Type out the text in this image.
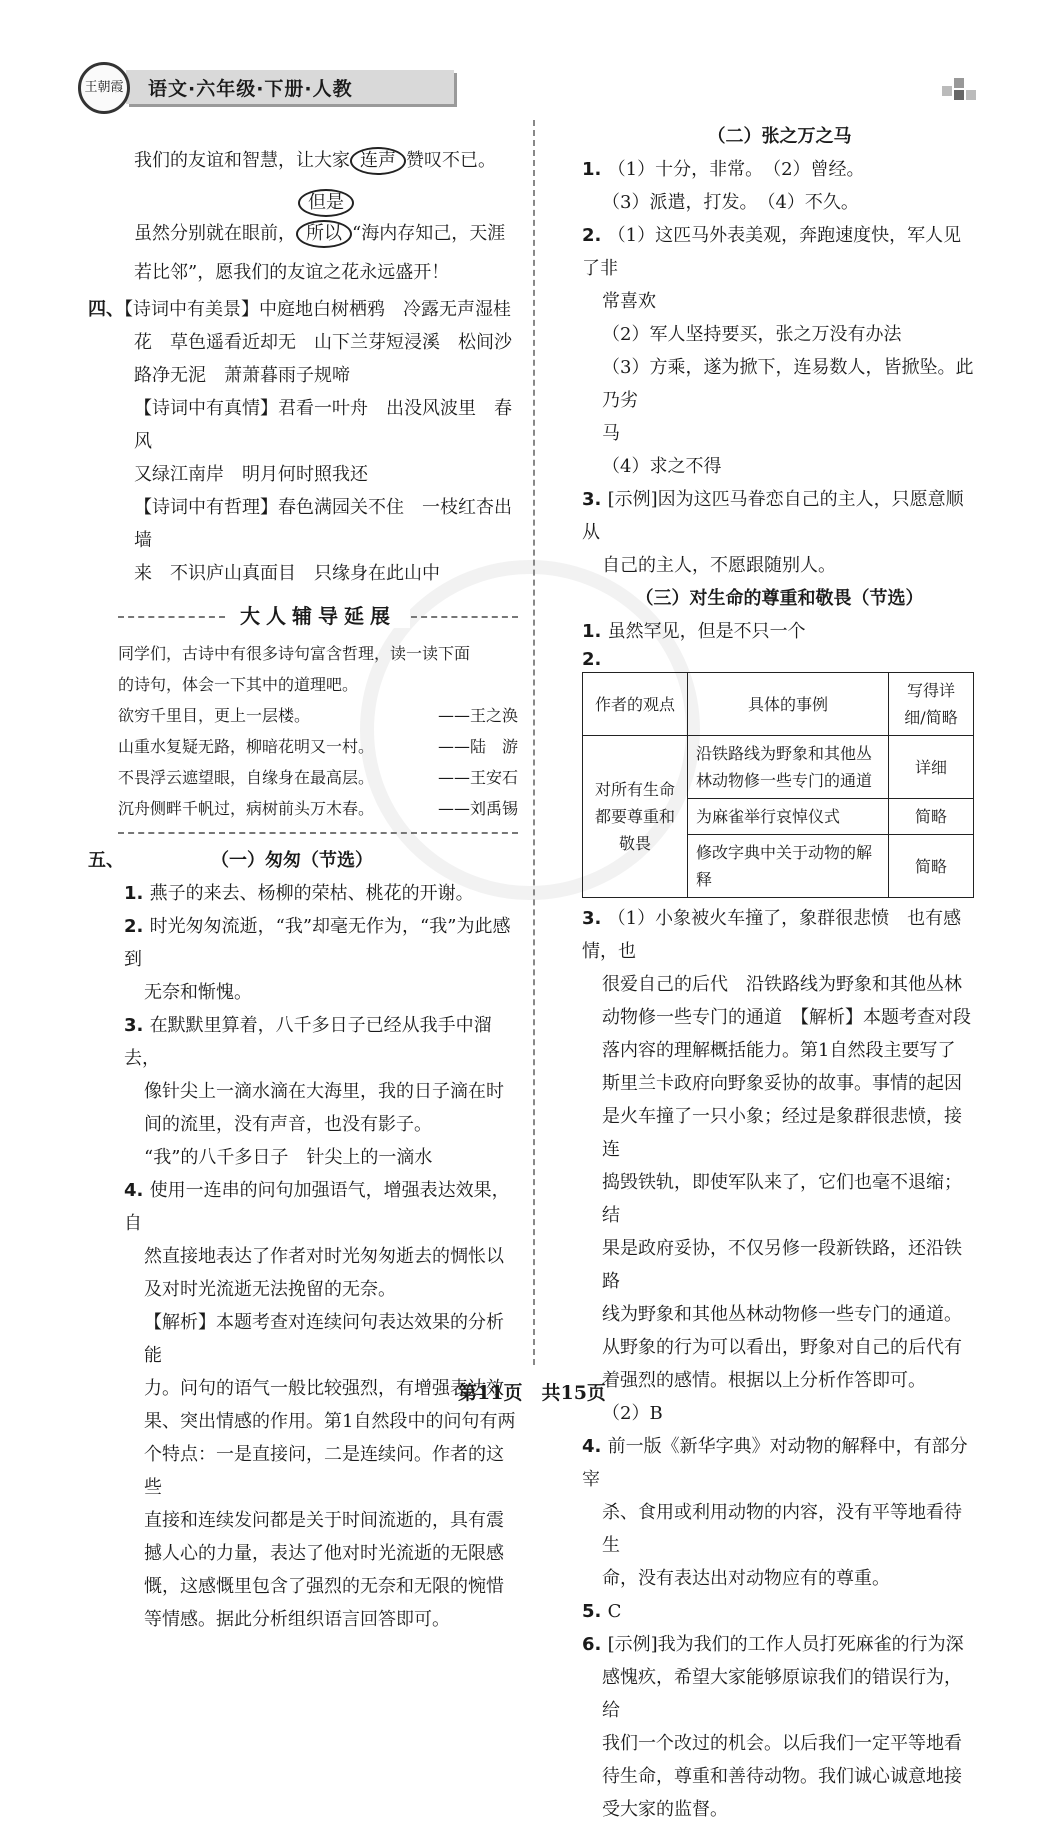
王朝霞	语文·六年级·下册·人教

我们的友谊和智慧，让大家 连声 赞叹不已。

但是

虽然分别就在眼前， 所以 “海内存知己，天涯

若比邻”，愿我们的友谊之花永远盛开！

四、【诗词中有美景】中庭地白树栖鸦　冷露无声湿桂

花　草色遥看近却无　山下兰芽短浸溪　松间沙

路净无泥　萧萧暮雨子规啼

【诗词中有真情】君看一叶舟　出没风波里　春风

又绿江南岸　明月何时照我还

【诗词中有哲理】春色满园关不住　一枝红杏出墙

来　不识庐山真面目　只缘身在此山中

大人辅导延展

同学们，古诗中有很多诗句富含哲理，读一读下面

的诗句，体会一下其中的道理吧。

欲穷千里目，更上一层楼。	——王之涣
山重水复疑无路，柳暗花明又一村。	——陆　游
不畏浮云遮望眼，自缘身在最高层。	——王安石
沉舟侧畔千帆过，病树前头万木春。	——刘禹锡

五、	（一）匆匆（节选）

1. 燕子的来去、杨柳的荣枯、桃花的开谢。

2. 时光匆匆流逝，“我”却毫无作为，“我”为此感到

无奈和惭愧。

3. 在默默里算着，八千多日子已经从我手中溜去，

像针尖上一滴水滴在大海里，我的日子滴在时

间的流里，没有声音，也没有影子。

“我”的八千多日子　针尖上的一滴水

4. 使用一连串的问句加强语气，增强表达效果，自

然直接地表达了作者对时光匆匆逝去的惆怅以

及对时光流逝无法挽留的无奈。

【解析】本题考查对连续问句表达效果的分析能

力。问句的语气一般比较强烈，有增强表达效

果、突出情感的作用。第1自然段中的问句有两

个特点：一是直接问，二是连续问。作者的这些

直接和连续发问都是关于时间流逝的，具有震

撼人心的力量，表达了他对时光流逝的无限感

慨，这感慨里包含了强烈的无奈和无限的惋惜

等情感。据此分析组织语言回答即可。

（二）张之万之马

1. （1）十分，非常。　（2）曾经。

（3）派遣，打发。　（4）不久。

2. （1）这匹马外表美观，奔跑速度快，军人见了非

常喜欢

（2）军人坚持要买，张之万没有办法

（3）方乘，遂为掀下，连易数人，皆掀坠。此乃劣

马

（4）求之不得

3. [示例]因为这匹马眷恋自己的主人，只愿意顺从

自己的主人，不愿跟随别人。

（三）对生命的尊重和敬畏（节选）

1. 虽然罕见，但是不只一个

2.

作者的观点	具体的事例	写得详细/简略
对所有生命都要尊重和敬畏	沿铁路线为野象和其他丛林动物修一些专门的通道	详细
	为麻雀举行哀悼仪式	简略
	修改字典中关于动物的解释	简略

3. （1）小象被火车撞了，象群很悲愤　也有感情，也

很爱自己的后代　沿铁路线为野象和其他丛林

动物修一些专门的通道　【解析】本题考查对段

落内容的理解概括能力。第1自然段主要写了

斯里兰卡政府向野象妥协的故事。事情的起因

是火车撞了一只小象；经过是象群很悲愤，接连

捣毁铁轨，即使军队来了，它们也毫不退缩；结

果是政府妥协，不仅另修一段新铁路，还沿铁路

线为野象和其他丛林动物修一些专门的通道。

从野象的行为可以看出，野象对自己的后代有

着强烈的感情。根据以上分析作答即可。

（2）B

4. 前一版《新华字典》对动物的解释中，有部分宰

杀、食用或利用动物的内容，没有平等地看待生

命，没有表达出对动物应有的尊重。

5. C

6. [示例]我为我们的工作人员打死麻雀的行为深

感愧疚，希望大家能够原谅我们的错误行为，给

我们一个改过的机会。以后我们一定平等地看

待生命，尊重和善待动物。我们诚心诚意地接

受大家的监督。

第11页　共15页
